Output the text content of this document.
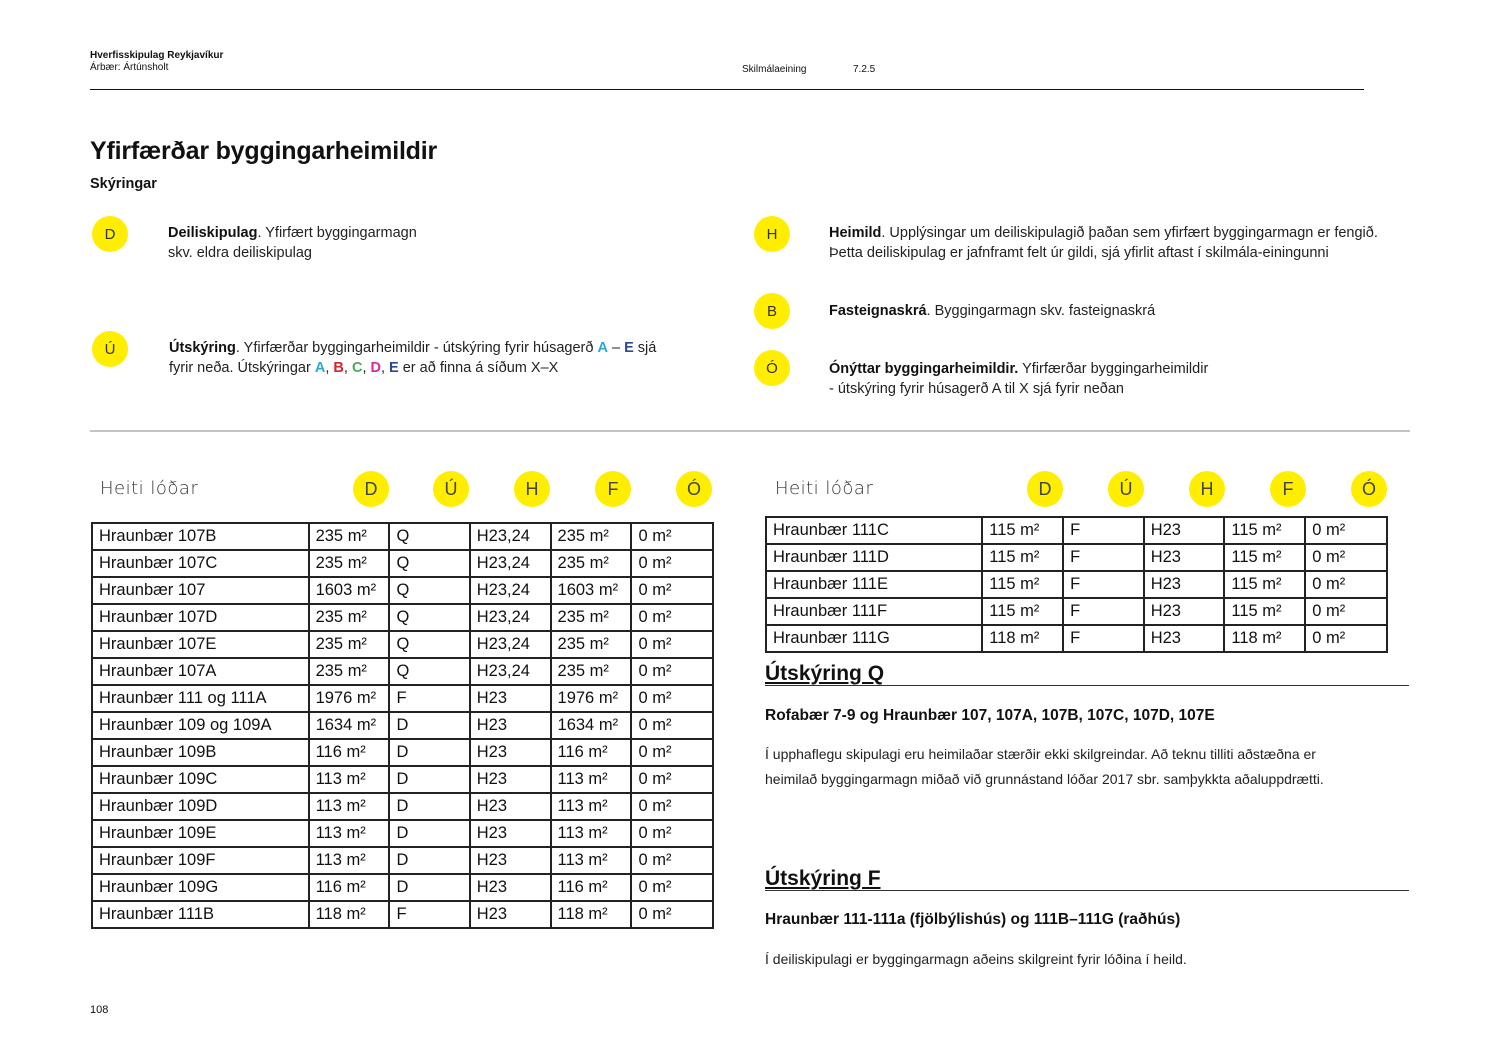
Hverfisskipulag Reykjavíkur
Árbær: Ártúnsholt	Skilmálaeining	7.2.5
Yfirfærðar byggingarheimildir
Skýringar
D	Deiliskipulag. Yfirfært byggingarmagn
skv. eldra deiliskipulag
Ú	Útskýring. Yfirfærðar byggingarheimildir - útskýring fyrir húsagerð A – E sjá
fyrir neða. Útskýringar A, B, C, D, E er að finna á síðum X–X
H	Heimild. Upplýsingar um deiliskipulagið þaðan sem yfirfært byggingarmagn er fengið. Þetta deiliskipulag er jafnframt felt úr gildi, sjá yfirlit aftast í skilmála-einingunni
B	Fasteignaskrá. Byggingarmagn skv. fasteignaskrá
Ó	Ónýttar byggingarheimildir. Yfirfærðar byggingarheimildir
- útskýring fyrir húsagerð A til X sjá fyrir neðan
Heiti lóðar	D	Ú	H	F	Ó
Hraunbær 107B	235 m²	Q	H23,24	235 m²	0 m²
Hraunbær 107C	235 m²	Q	H23,24	235 m²	0 m²
Hraunbær 107	1603 m²	Q	H23,24	1603 m²	0 m²
Hraunbær 107D	235 m²	Q	H23,24	235 m²	0 m²
Hraunbær 107E	235 m²	Q	H23,24	235 m²	0 m²
Hraunbær 107A	235 m²	Q	H23,24	235 m²	0 m²
Hraunbær 111 og 111A	1976 m²	F	H23	1976 m²	0 m²
Hraunbær 109 og 109A	1634 m²	D	H23	1634 m²	0 m²
Hraunbær 109B	116 m²	D	H23	116 m²	0 m²
Hraunbær 109C	113 m²	D	H23	113 m²	0 m²
Hraunbær 109D	113 m²	D	H23	113 m²	0 m²
Hraunbær 109E	113 m²	D	H23	113 m²	0 m²
Hraunbær 109F	113 m²	D	H23	113 m²	0 m²
Hraunbær 109G	116 m²	D	H23	116 m²	0 m²
Hraunbær 111B	118 m²	F	H23	118 m²	0 m²
Heiti lóðar	D	Ú	H	F	Ó
Hraunbær 111C	115 m²	F	H23	115 m²	0 m²
Hraunbær 111D	115 m²	F	H23	115 m²	0 m²
Hraunbær 111E	115 m²	F	H23	115 m²	0 m²
Hraunbær 111F	115 m²	F	H23	115 m²	0 m²
Hraunbær 111G	118 m²	F	H23	118 m²	0 m²
Útskýring Q
Rofabær 7-9 og Hraunbær 107, 107A, 107B, 107C, 107D, 107E
Í upphaflegu skipulagi eru heimilaðar stærðir ekki skilgreindar. Að teknu tilliti aðstæðna er heimilað byggingarmagn miðað við grunnástand lóðar 2017 sbr. samþykkta aðaluppdrætti.
Útskýring F
Hraunbær 111-111a (fjölbýlishús) og 111B–111G (raðhús)
Í deiliskipulagi er byggingarmagn aðeins skilgreint fyrir lóðina í heild.
108
